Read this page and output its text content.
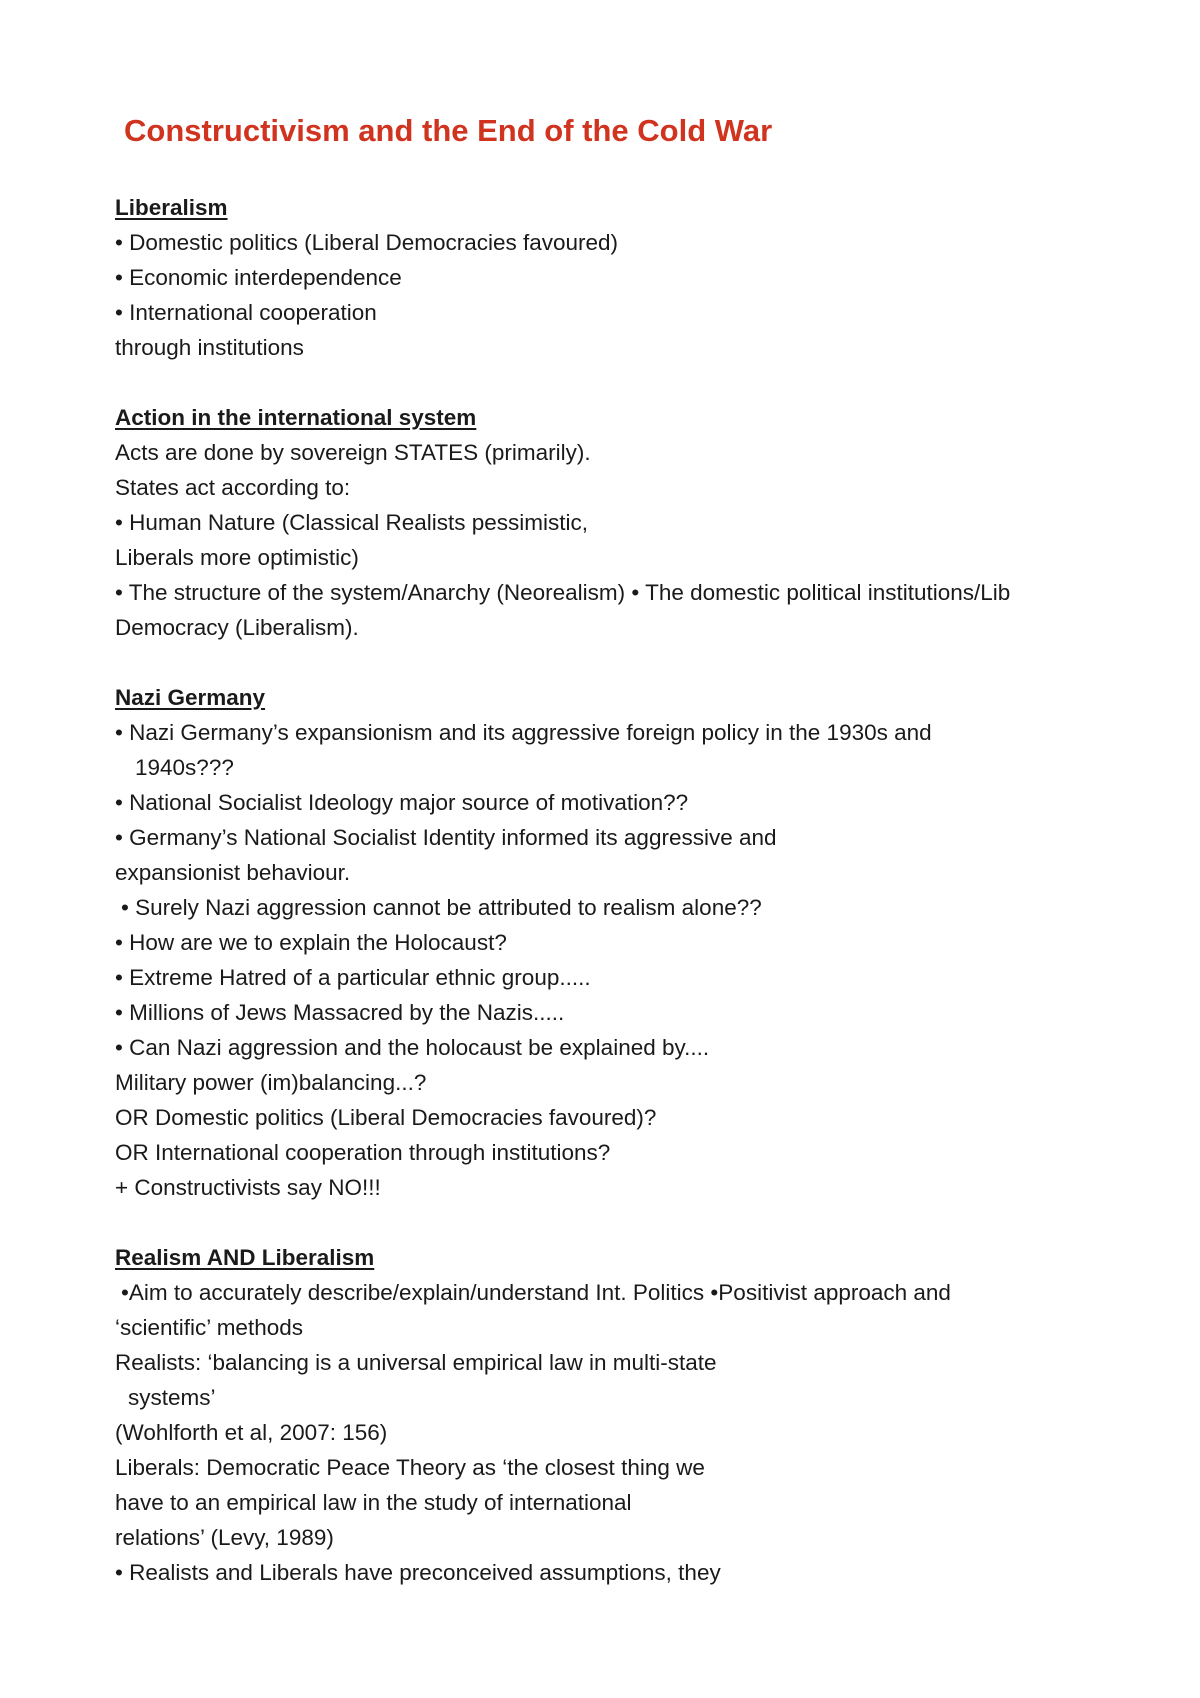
Constructivism and the End of the Cold War
Liberalism
• Domestic politics (Liberal Democracies favoured)
• Economic interdependence
• International cooperation
through institutions
Action in the international system
Acts are done by sovereign STATES (primarily).
States act according to:
• Human Nature (Classical Realists pessimistic,
Liberals more optimistic)
• The structure of the system/Anarchy (Neorealism) • The domestic political institutions/Lib
Democracy (Liberalism).
Nazi Germany
• Nazi Germany’s expansionism and its aggressive foreign policy in the 1930s and
1940s???
• National Socialist Ideology major source of motivation??
• Germany’s National Socialist Identity informed its aggressive and
expansionist behaviour.
• Surely Nazi aggression cannot be attributed to realism alone??
• How are we to explain the Holocaust?
• Extreme Hatred of a particular ethnic group.....
• Millions of Jews Massacred by the Nazis.....
• Can Nazi aggression and the holocaust be explained by....
Military power (im)balancing...?
OR Domestic politics (Liberal Democracies favoured)?
OR International cooperation through institutions?
+ Constructivists say NO!!!
Realism AND Liberalism
•Aim to accurately describe/explain/understand Int. Politics •Positivist approach and
‘scientific’ methods
Realists: ‘balancing is a universal empirical law in multi-state
systems’
(Wohlforth et al, 2007: 156)
Liberals: Democratic Peace Theory as ‘the closest thing we
have to an empirical law in the study of international
relations’ (Levy, 1989)
• Realists and Liberals have preconceived assumptions, they
